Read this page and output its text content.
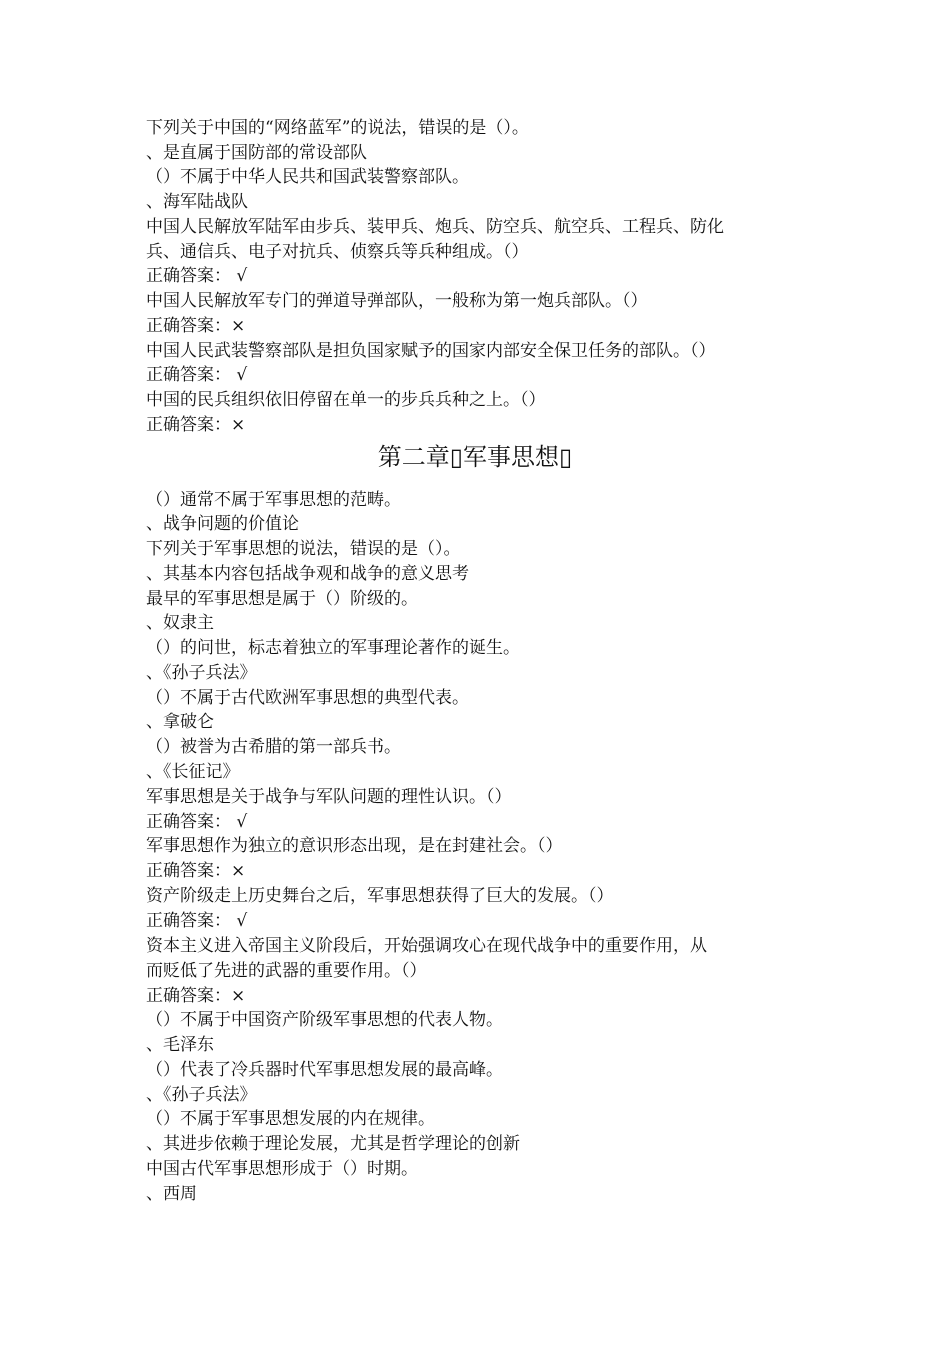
下列关于中国的“网络蓝军”的说法，错误的是（）。
、是直属于国防部的常设部队
（）不属于中华人民共和国武装警察部队。
、海军陆战队
中国人民解放军陆军由步兵、装甲兵、炮兵、防空兵、航空兵、工程兵、防化
兵、通信兵、电子对抗兵、侦察兵等兵种组成。（）
正确答案： √
中国人民解放军专门的弹道导弹部队，一般称为第一炮兵部队。（）
正确答案：×
中国人民武装警察部队是担负国家赋予的国家内部安全保卫任务的部队。（）
正确答案： √
中国的民兵组织依旧停留在单一的步兵兵种之上。（）
正确答案：×
第二章▯军事思想▯
（）通常不属于军事思想的范畴。
、战争问题的价值论
下列关于军事思想的说法，错误的是（）。
、其基本内容包括战争观和战争的意义思考
最早的军事思想是属于（）阶级的。
、奴隶主
（）的问世，标志着独立的军事理论著作的诞生。
、《孙子兵法》
（）不属于古代欧洲军事思想的典型代表。
、拿破仑
（）被誉为古希腊的第一部兵书。
、《长征记》
军事思想是关于战争与军队问题的理性认识。（）
正确答案： √
军事思想作为独立的意识形态出现，是在封建社会。（）
正确答案：×
资产阶级走上历史舞台之后，军事思想获得了巨大的发展。（）
正确答案： √
资本主义进入帝国主义阶段后，开始强调攻心在现代战争中的重要作用，从
而贬低了先进的武器的重要作用。（）
正确答案：×
（）不属于中国资产阶级军事思想的代表人物。
、毛泽东
（）代表了冷兵器时代军事思想发展的最高峰。
、《孙子兵法》
（）不属于军事思想发展的内在规律。
、其进步依赖于理论发展，尤其是哲学理论的创新
中国古代军事思想形成于（）时期。
、西周
